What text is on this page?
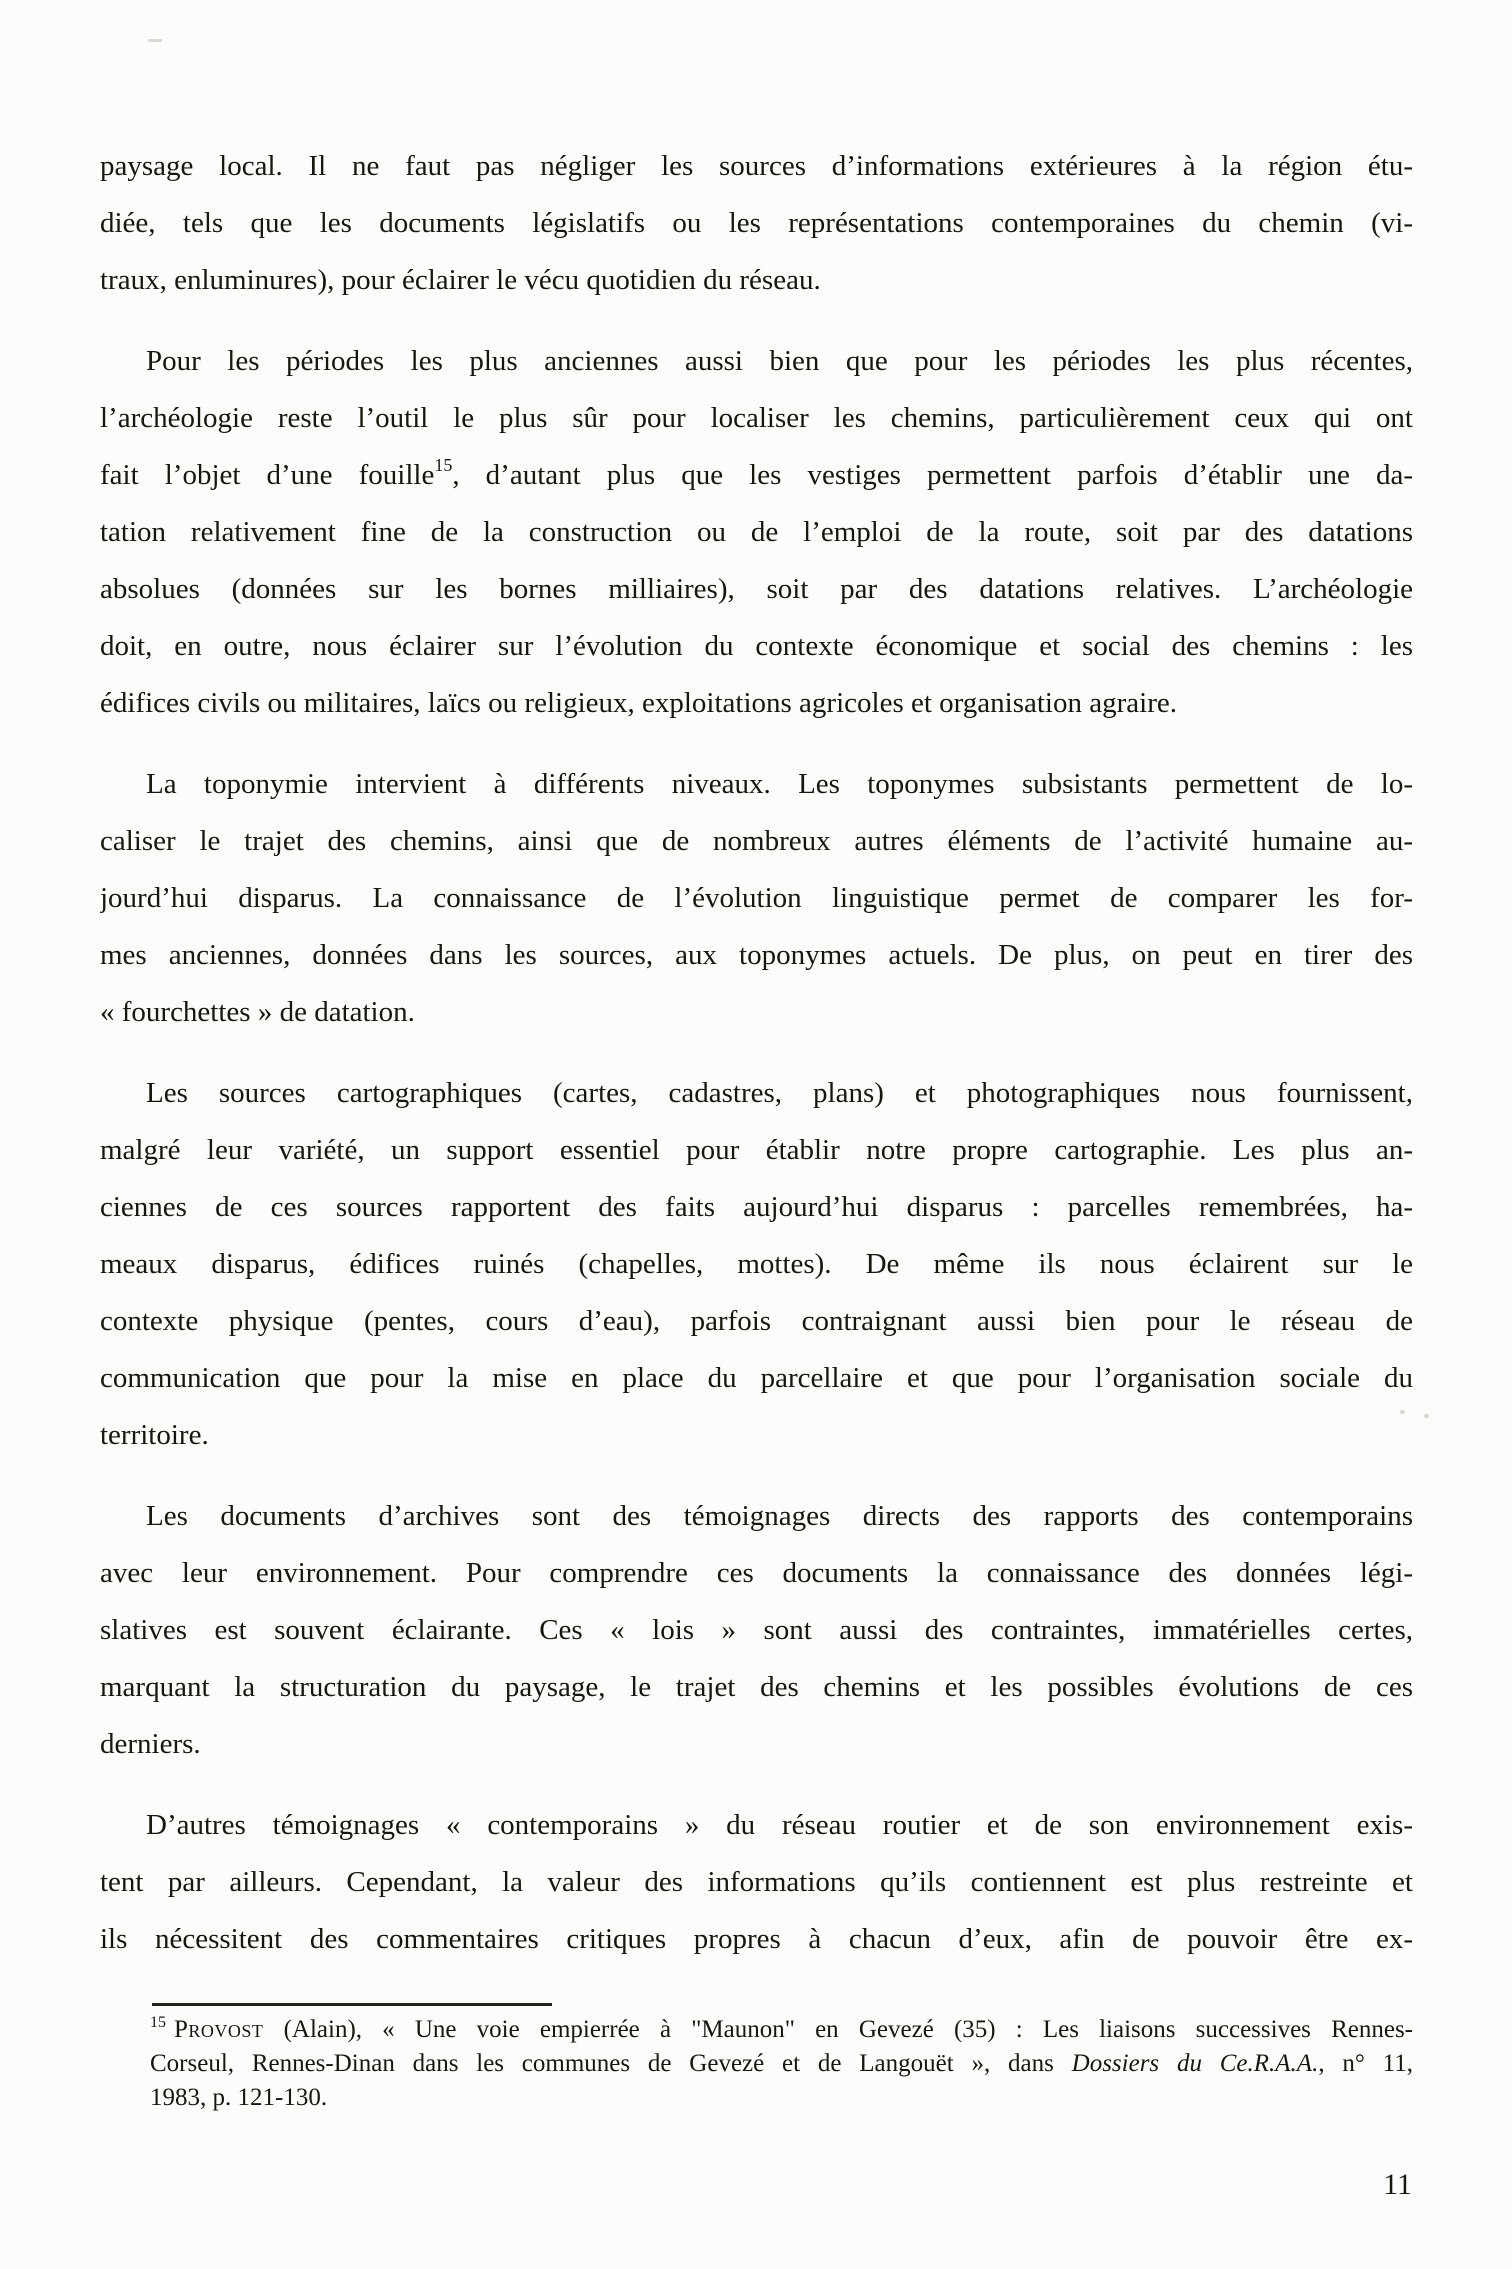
paysage local. Il ne faut pas négliger les sources d’informations extérieures à la région étu-
diée, tels que les documents législatifs ou les représentations contemporaines du chemin (vi-
traux, enluminures), pour éclairer le vécu quotidien du réseau.
Pour les périodes les plus anciennes aussi bien que pour les périodes les plus récentes,
l’archéologie reste l’outil le plus sûr pour localiser les chemins, particulièrement ceux qui ont
fait l’objet d’une fouille$^{15}$, d’autant plus que les vestiges permettent parfois d’établir une da-
tation relativement fine de la construction ou de l’emploi de la route, soit par des datations
absolues (données sur les bornes milliaires), soit par des datations relatives. L’archéologie
doit, en outre, nous éclairer sur l’évolution du contexte économique et social des chemins : les
édifices civils ou militaires, laïcs ou religieux, exploitations agricoles et organisation agraire.
La toponymie intervient à différents niveaux. Les toponymes subsistants permettent de lo-
caliser le trajet des chemins, ainsi que de nombreux autres éléments de l’activité humaine au-
jourd’hui disparus. La connaissance de l’évolution linguistique permet de comparer les for-
mes anciennes, données dans les sources, aux toponymes actuels. De plus, on peut en tirer des
« fourchettes » de datation.
Les sources cartographiques (cartes, cadastres, plans) et photographiques nous fournissent,
malgré leur variété, un support essentiel pour établir notre propre cartographie. Les plus an-
ciennes de ces sources rapportent des faits aujourd’hui disparus : parcelles remembrées, ha-
meaux disparus, édifices ruinés (chapelles, mottes). De même ils nous éclairent sur le
contexte physique (pentes, cours d’eau), parfois contraignant aussi bien pour le réseau de
communication que pour la mise en place du parcellaire et que pour l’organisation sociale du
territoire.
Les documents d’archives sont des témoignages directs des rapports des contemporains
avec leur environnement. Pour comprendre ces documents la connaissance des données légi-
slatives est souvent éclairante. Ces « lois » sont aussi des contraintes, immatérielles certes,
marquant la structuration du paysage, le trajet des chemins et les possibles évolutions de ces
derniers.
D’autres témoignages « contemporains » du réseau routier et de son environnement exis-
tent par ailleurs. Cependant, la valeur des informations qu’ils contiennent est plus restreinte et
ils nécessitent des commentaires critiques propres à chacun d’eux, afin de pouvoir être ex-
$^{15}$ Provost (Alain), « Une voie empierrée à "Maunon" en Gevezé (35) : Les liaisons successives Rennes-
Corseul, Rennes-Dinan dans les communes de Gevezé et de Langouët », dans Dossiers du Ce.R.A.A., n° 11,
1983, p. 121-130.
11
